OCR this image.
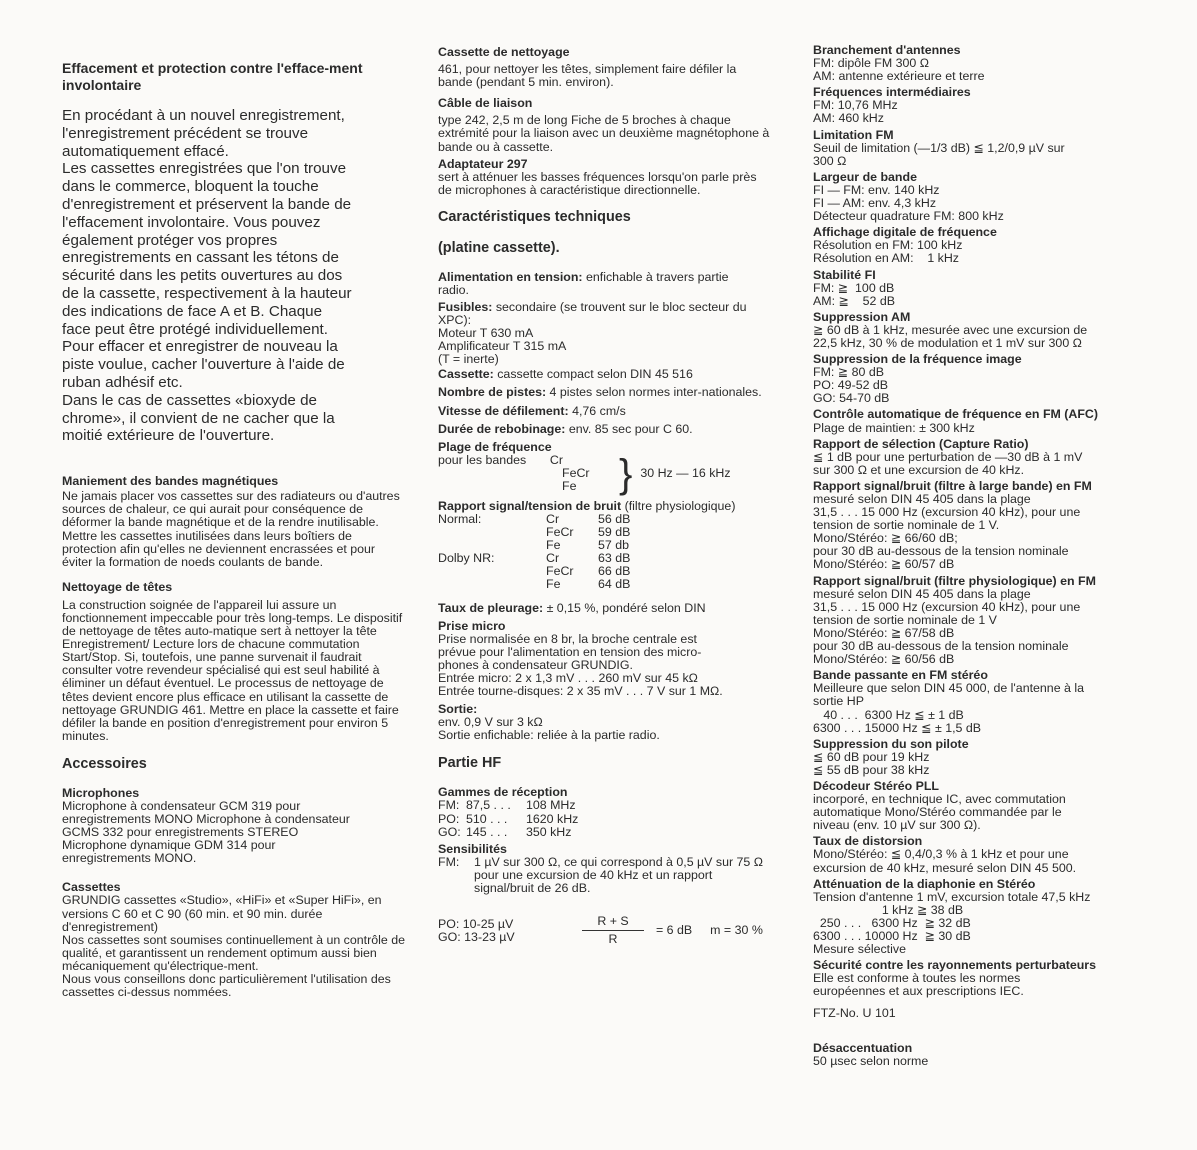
Effacement et protection contre l'efface-ment involontaire

En procédant à un nouvel enregistrement,
l'enregistrement précédent se trouve
automatiquement effacé.
Les cassettes enregistrées que l'on trouve
dans le commerce, bloquent la touche
d'enregistrement et préservent la bande de
l'effacement involontaire. Vous pouvez
également protéger vos propres
enregistrements en cassant les tétons de
sécurité dans les petits ouvertures au dos
de la cassette, respectivement à la hauteur
des indications de face A et B. Chaque
face peut être protégé individuellement.
Pour effacer et enregistrer de nouveau la
piste voulue, cacher l'ouverture à l'aide de
ruban adhésif etc.
Dans le cas de cassettes «bioxyde de
chrome», il convient de ne cacher que la
moitié extérieure de l'ouverture.

Maniement des bandes magnétiques

Ne jamais placer vos cassettes sur des radiateurs ou d'autres sources de chaleur, ce qui aurait pour conséquence de déformer la bande magnétique et de la rendre inutilisable. Mettre les cassettes inutilisées dans leurs boîtiers de protection afin qu'elles ne deviennent encrassées et pour éviter la formation de noeds coulants de bande.

Nettoyage de têtes

La construction soignée de l'appareil lui assure un fonctionnement impeccable pour très long-temps. Le dispositif de nettoyage de têtes auto-matique sert à nettoyer la tête Enregistrement/ Lecture lors de chacune commutation Start/Stop. Si, toutefois, une panne survenait il faudrait consulter votre revendeur spécialisé qui est seul habilité à éliminer un défaut éventuel. Le processus de nettoyage de têtes devient encore plus efficace en utilisant la cassette de nettoyage GRUNDIG 461. Mettre en place la cassette et faire défiler la bande en position d'enregistrement pour environ 5 minutes.

Accessoires

Microphones

Microphone à condensateur GCM 319 pour enregistrements MONO Microphone à condensateur GCMS 332 pour enregistrements STEREO Microphone dynamique GDM 314 pour enregistrements MONO.

Cassettes

GRUNDIG cassettes «Studio», «HiFi» et «Super HiFi», en versions C 60 et C 90 (60 min. et 90 min. durée d'enregistrement)

Nos cassettes sont soumises continuellement à un contrôle de qualité, et garantissent un rendement optimum aussi bien mécaniquement qu'électrique-ment.

Nous vous conseillons donc particulièrement l'utilisation des cassettes ci-dessus nommées.

Cassette de nettoyage

461, pour nettoyer les têtes, simplement faire défiler la bande (pendant 5 min. environ).

Câble de liaison

type 242, 2,5 m de long Fiche de 5 broches à chaque extrémité pour la liaison avec un deuxième magnétophone à bande ou à cassette.

Adaptateur 297

sert à atténuer les basses fréquences lorsqu'on parle près de microphones à caractéristique directionnelle.

Caractéristiques techniques

(platine cassette).

Alimentation en tension: enfichable à travers partie radio.

Fusibles: secondaire (se trouvent sur le bloc secteur du XPC):

Moteur T 630 mA
Amplificateur T 315 mA
(T = inerte)

Cassette: cassette compact selon DIN 45 516

Nombre de pistes: 4 pistes selon normes inter-nationales.

Vitesse de défilement: 4,76 cm/s

Durée de rebobinage: env. 85 sec pour C 60.

Plage de fréquence

pour les bandes	Cr
FeCr
Fe } 30 Hz — 16 kHz

Rapport signal/tension de bruit (filtre physiologique)

Normal:	Cr	56 dB
FeCr	59 dB
Fe	57 db
Dolby NR:	Cr	63 dB
FeCr	66 dB
Fe	64 dB

Taux de pleurage: ± 0,15 %, pondéré selon DIN

Prise micro

Prise normalisée en 8 br, la broche centrale est
prévue pour l'alimentation en tension des micro-
phones à condensateur GRUNDIG.
Entrée micro: 2 x 1,3 mV . . . 260 mV sur 45 kΩ
Entrée tourne-disques: 2 x 35 mV . . . 7 V sur 1 MΩ.

Sortie:

env. 0,9 V sur 3 kΩ
Sortie enfichable: reliée à la partie radio.

Partie HF

Gammes de réception

FM: 87,5 . . .	108 MHz
PO: 510 . . .	1620 kHz
GO: 145 . . .	350 kHz

Sensibilités

FM:	1 µV sur 300 Ω, ce qui correspond à 0,5 µV sur 75 Ω pour une excursion de 40 kHz et un rapport signal/bruit de 26 dB.
PO: 10-25 µV
GO: 13-23 µV	$\frac{R + S}{R} = 6$ dB m = 30 %
Branchement d'antennes
FM: dipôle FM 300 Ω
AM: antenne extérieure et terre
Fréquences intermédiaires
FM: 10,76 MHz
AM: 460 kHz
Limitation FM
Seuil de limitation (—1/3 dB) ≦ 1,2/0,9 µV sur
300 Ω
Largeur de bande
FI — FM: env. 140 kHz
FI — AM: env. 4,3 kHz
Détecteur quadrature FM: 800 kHz
Affichage digitale de fréquence
Résolution en FM: 100 kHz
Résolution en AM:    1 kHz
Stabilité FI
FM: ≧  100 dB
AM: ≧    52 dB
Suppression AM
≧ 60 dB à 1 kHz, mesurée avec une excursion de
22,5 kHz, 30 % de modulation et 1 mV sur 300 Ω
Suppression de la fréquence image
FM: ≧ 80 dB
PO: 49-52 dB
GO: 54-70 dB
Contrôle automatique de fréquence en FM (AFC)
Plage de maintien: ± 300 kHz
Rapport de sélection (Capture Ratio)
≦ 1 dB pour une perturbation de —30 dB à 1 mV
sur 300 Ω et une excursion de 40 kHz.
Rapport signal/bruit (filtre à large bande) en FM
mesuré selon DIN 45 405 dans la plage
31,5 . . . 15 000 Hz (excursion 40 kHz), pour une
tension de sortie nominale de 1 V.
Mono/Stéréo: ≧ 66/60 dB;
pour 30 dB au-dessous de la tension nominale
Mono/Stéréo: ≧ 60/57 dB
Rapport signal/bruit (filtre physiologique) en FM
mesuré selon DIN 45 405 dans la plage
31,5 . . . 15 000 Hz (excursion 40 kHz), pour une
tension de sortie nominale de 1 V
Mono/Stéréo: ≧ 67/58 dB
pour 30 dB au-dessous de la tension nominale
Mono/Stéréo: ≧ 60/56 dB
Bande passante en FM stéréo
Meilleure que selon DIN 45 000, de l'antenne à la
sortie HP
40 . . .  6300 Hz ≦ ± 1 dB
6300 . . . 15000 Hz ≦ ± 1,5 dB
Suppression du son pilote
≦ 60 dB pour 19 kHz
≦ 55 dB pour 38 kHz
Décodeur Stéréo PLL
incorporé, en technique IC, avec commutation
automatique Mono/Stéréo commandée par le
niveau (env. 10 µV sur 300 Ω).
Taux de distorsion
Mono/Stéréo: ≦ 0,4/0,3 % à 1 kHz et pour une
excursion de 40 kHz, mesuré selon DIN 45 500.
Atténuation de la diaphonie en Stéréo
Tension d'antenne 1 mV, excursion totale 47,5 kHz
1 kHz ≧ 38 dB
250 . . .   6300 Hz  ≧ 32 dB
6300 . . . 10000 Hz  ≧ 30 dB
Mesure sélective
Sécurité contre les rayonnements perturbateurs
Elle est conforme à toutes les normes
européennes et aux prescriptions IEC.

FTZ-No. U 101

Désaccentuation

50 µsec selon norme
